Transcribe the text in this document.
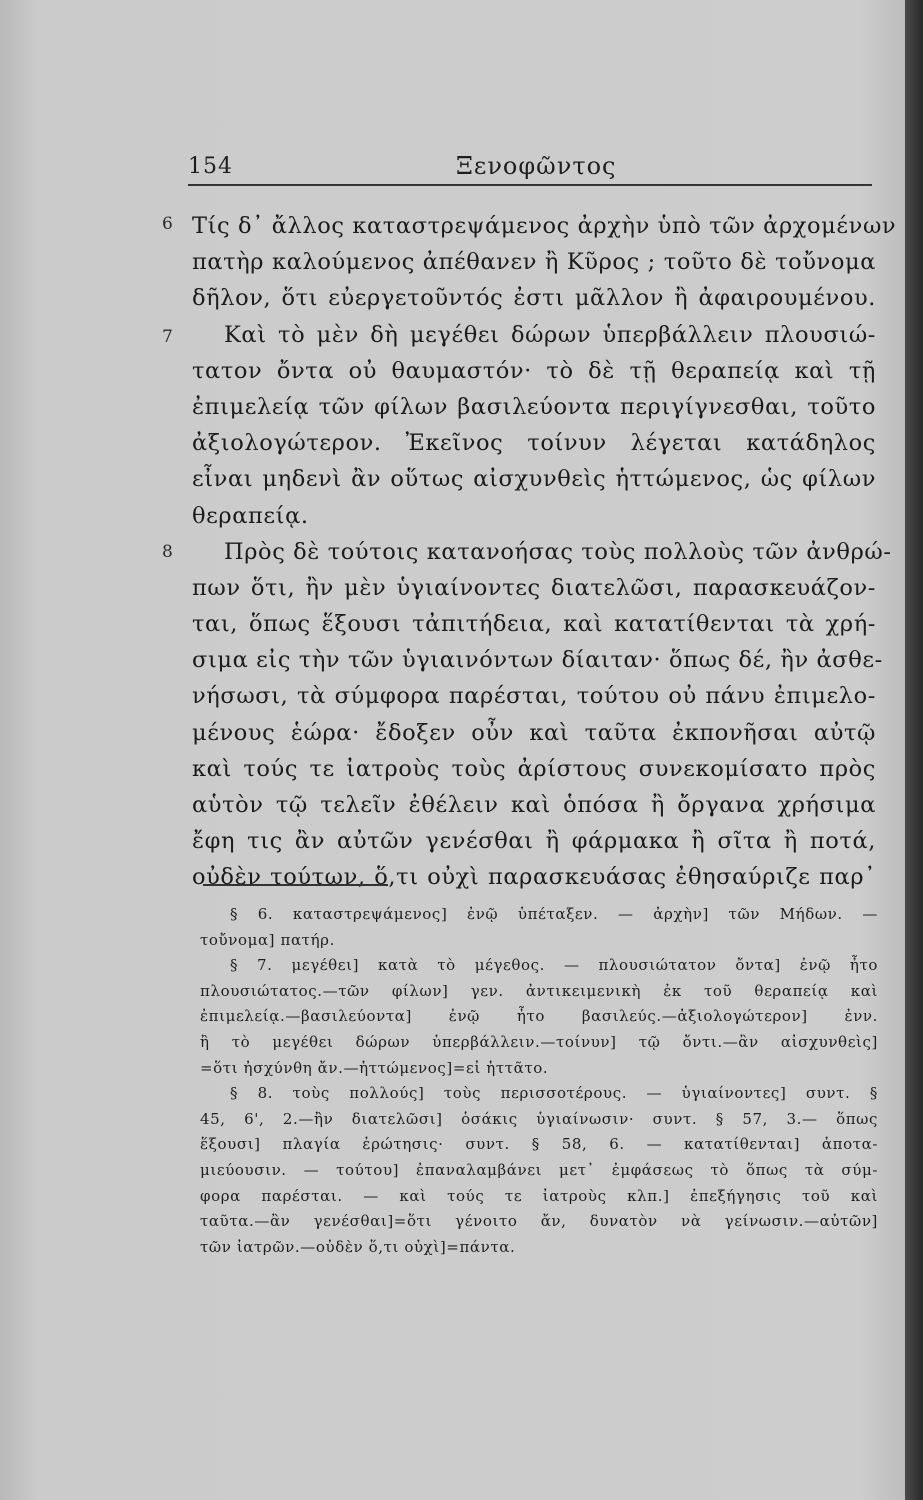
154	Ξενοφῶντος
6 Τίς δ᾿ ἄλλος καταστρεψάμενος ἀρχὴν ὑπὸ τῶν ἀρχομένων
πατὴρ καλούμενος ἀπέθανεν ἢ Κῦρος ; τοῦτο δὲ τοὔνομα
δῆλον, ὅτι εὐεργετοῦντός ἐστι μᾶλλον ἢ ἀφαιρουμένου.
7	Καὶ τὸ μὲν δὴ μεγέθει δώρων ὑπερβάλλειν πλουσιώ-
τατον ὄντα οὐ θαυμαστόν· τὸ δὲ τῇ θεραπείᾳ καὶ τῇ
ἐπιμελείᾳ τῶν φίλων βασιλεύοντα περιγίγνεσθαι, τοῦτο
ἀξιολογώτερον. Ἐκεῖνος τοίνυν λέγεται κατάδηλος
εἶναι μηδενὶ ἂν οὕτως αἰσχυνθεὶς ἡττώμενος, ὡς φίλων
θεραπείᾳ.
8	Πρὸς δὲ τούτοις κατανοήσας τοὺς πολλοὺς τῶν ἀνθρώ-
πων ὅτι, ἢν μὲν ὑγιαίνοντες διατελῶσι, παρασκευάζον-
ται, ὅπως ἕξουσι τἀπιτήδεια, καὶ κατατίθενται τὰ χρή-
σιμα εἰς τὴν τῶν ὑγιαινόντων δίαιταν· ὅπως δέ, ἢν ἀσθε-
νήσωσι, τὰ σύμφορα παρέσται, τούτου οὐ πάνυ ἐπιμελο-
μένους ἑώρα· ἔδοξεν οὖν καὶ ταῦτα ἐκπονῆσαι αὐτῷ
καὶ τούς τε ἰατροὺς τοὺς ἀρίστους συνεκομίσατο πρὸς
αὑτὸν τῷ τελεῖν ἐθέλειν καὶ ὁπόσα ἢ ὄργανα χρήσιμα
ἔφη τις ἂν αὐτῶν γενέσθαι ἢ φάρμακα ἢ σῖτα ἢ ποτά,
οὐδὲν τούτων, ὅ,τι οὐχὶ παρασκευάσας ἐθησαύριζε παρ᾿
§ 6. καταστρεψάμενος] ἐνῷ ὑπέταξεν. — ἀρχὴν] τῶν Μήδων. —
τοὔνομα] πατήρ.
§ 7. μεγέθει] κατὰ τὸ μέγεθος. — πλουσιώτατον ὄντα] ἐνῷ ἦτο
πλουσιώτατος.—τῶν φίλων] γεν. ἀντικειμενικὴ ἐκ τοῦ θεραπείᾳ καὶ
ἐπιμελείᾳ.—βασιλεύοντα] ἐνῷ ἦτο βασιλεύς.—ἀξιολογώτερον] ἐνν.
ἢ τὸ μεγέθει δώρων ὑπερβάλλειν.—τοίνυν] τῷ ὄντι.—ἂν αἰσχυνθεὶς]
=ὅτι ἠσχύνθη ἄν.—ἡττώμενος]=εἰ ἡττᾶτο.
§ 8. τοὺς πολλούς] τοὺς περισσοτέρους. — ὑγιαίνοντες] συντ. §
45, 6', 2.—ἢν διατελῶσι] ὁσάκις ὑγιαίνωσιν· συντ. § 57, 3.— ὅπως
ἕξουσι] πλαγία ἐρώτησις· συντ. § 58, 6. — κατατίθενται] ἀποτα-
μιεύουσιν. — τούτου] ἐπαναλαμβάνει μετ᾿ ἐμφάσεως τὸ ὅπως τὰ σύμ-
φορα παρέσται. — καὶ τούς τε ἰατροὺς κλπ.] ἐπεξήγησις τοῦ καὶ
ταῦτα.—ἂν γενέσθαι]=ὅτι γένοιτο ἄν, δυνατὸν νὰ γείνωσιν.—αὐτῶν]
τῶν ἰατρῶν.—οὐδὲν ὅ,τι οὐχὶ]=πάντα.
